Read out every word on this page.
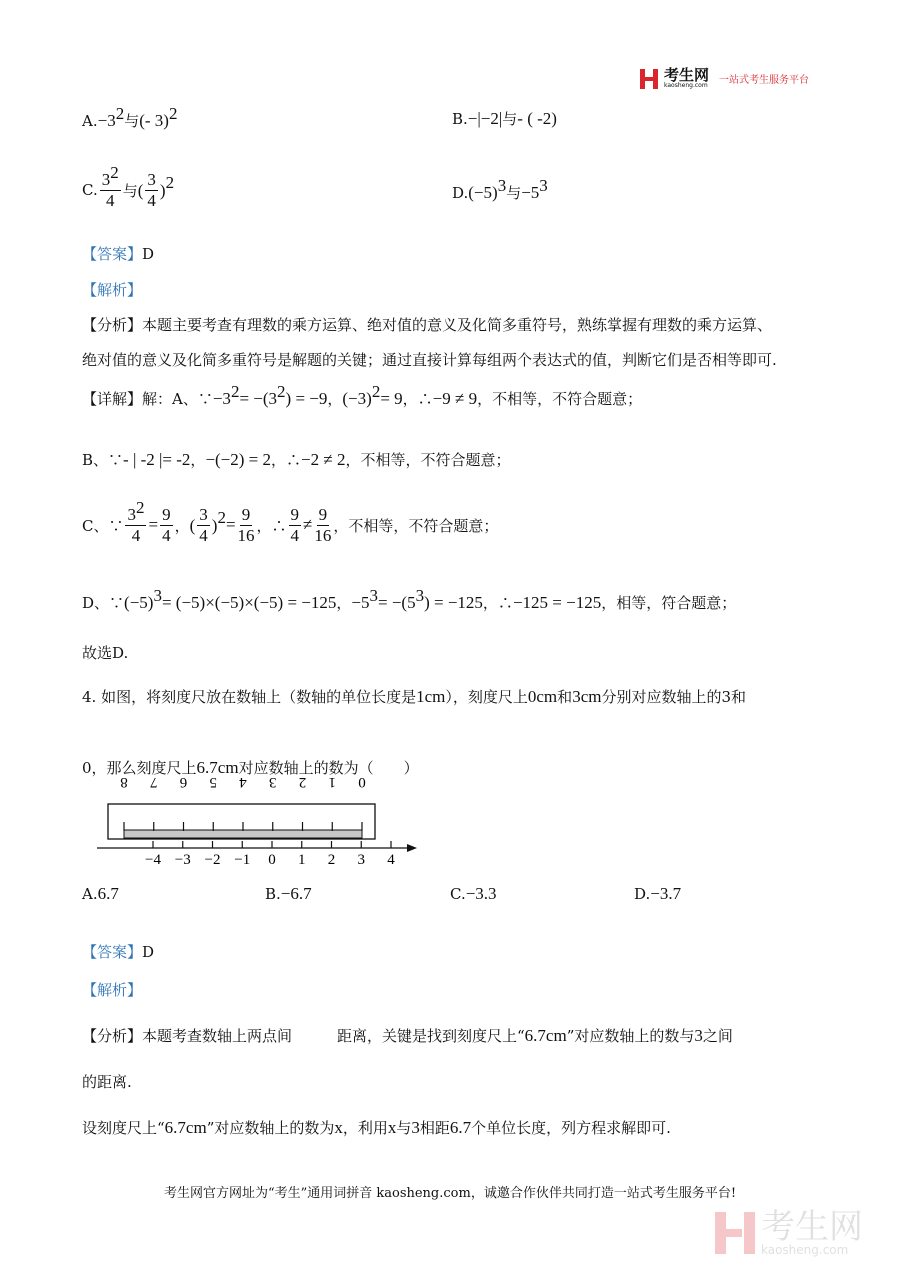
考生网
kaosheng.com 一站式考生服务平台
A. −3 2 与 (- 3) 2	B. −|−2| 与 - ( -2)
C. $\frac{32}{4}$ 与 ( $\frac{3}{4}$ ) 2
D. (−5) 3 与 −5 3
【答案】 D
【解析】
【分析】本题主要考查有理数的乘方运算、绝对值的意义及化简多重符号，熟练掌握有理数的乘方运算、
绝对值的意义及化简多重符号是解题的关键；通过直接计算每组两个表达式的值，判断它们是否相等即可.
【详解】解：A、∵ −3 2 = −(3 2 ) = −9 ， (−3) 2 = 9 ，∴ −9 ≠ 9 ，不相等，不符合题意；
B、∵ - | -2 |= -2 ， −(−2) = 2 ，∴ −2 ≠ 2 ，不相等，不符合题意；
C、∵ $\frac{32}{4} = \frac{9}{4}$ ， ( $\frac{3}{4}$ ) $2 = \frac{9}{16}$ ，∴ $\frac{9}{4} \ne \frac{9}{16}$ ，不相等，不符合题意；
D、∵ (−5) 3 = (−5)×(−5)×(−5) = −125 ， −5 3 = −(5 3 ) = −125 ，∴ −125 = −125 ，相等，符合题意；
故选D.
4. 如图，将刻度尺放在数轴上（数轴的单位长度是 1cm ），刻度尺上 0cm 和 3cm 分别对应数轴上的3和
0，那么刻度尺上 6.7cm 对应数轴上的数为（　　）
A. 6.7	B. −6.7	C. −3.3	D. −3.7
【答案】 D
【解析】
【分析】本题考查数轴上两点间　　　距离，关键是找到刻度尺上“ 6.7cm ”对应数轴上的数与 3 之间
的距离.
设刻度尺上“ 6.7cm ”对应数轴上的数为 x ，利用 x 与 3 相距 6.7 个单位长度，列方程求解即可.
8 7 6 5 4 3 2 1 0
−4 −3 −2 −1 0 1 2 3 4
考生网官方网址为“考生”通用词拼音 kaosheng.com，诚邀合作伙伴共同打造一站式考生服务平台!
考生网
kaosheng.com
